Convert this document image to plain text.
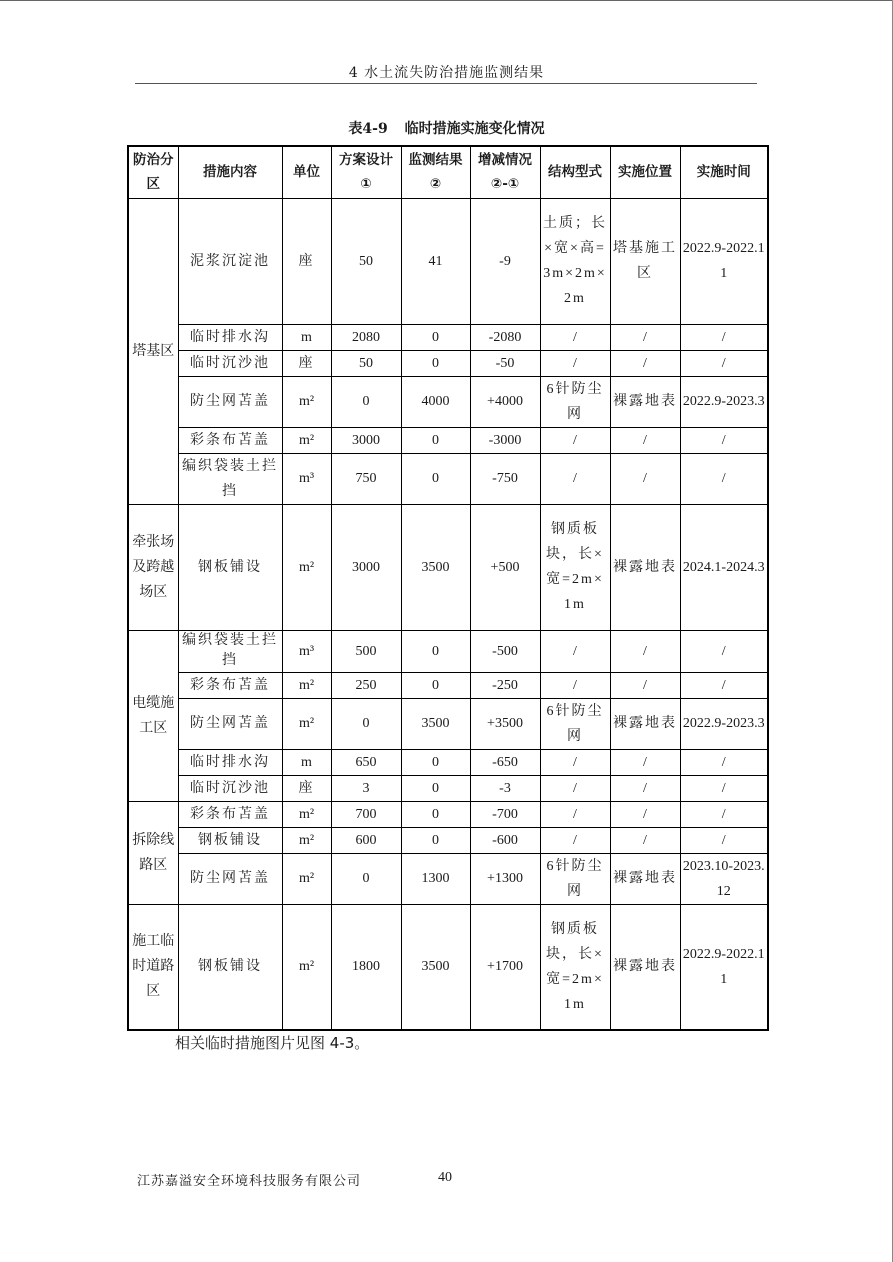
4 水土流失防治措施监测结果
表4-9 临时措施实施变化情况
防治分区	措施内容	单位	方案设计①	监测结果②	增减情况②-①	结构型式	实施位置	实施时间
塔基区	泥浆沉淀池	座	50	41	-9	土质；长×宽×高=3m×2m×2m	塔基施工区	2022.9-2022.11
	临时排水沟	m	2080	0	-2080	/	/	/
	临时沉沙池	座	50	0	-50	/	/	/
	防尘网苫盖	m²	0	4000	+4000	6针防尘网	裸露地表	2022.9-2023.3
	彩条布苫盖	m²	3000	0	-3000	/	/	/
	编织袋装土拦挡	m³	750	0	-750	/	/	/
牵张场及跨越场区	钢板铺设	m²	3000	3500	+500	钢质板块，长×宽=2m×1m	裸露地表	2024.1-2024.3
电缆施工区	编织袋装土拦挡	m³	500	0	-500	/	/	/
	彩条布苫盖	m²	250	0	-250	/	/	/
	防尘网苫盖	m²	0	3500	+3500	6针防尘网	裸露地表	2022.9-2023.3
	临时排水沟	m	650	0	-650	/	/	/
	临时沉沙池	座	3	0	-3	/	/	/
拆除线路区	彩条布苫盖	m²	700	0	-700	/	/	/
	钢板铺设	m²	600	0	-600	/	/	/
	防尘网苫盖	m²	0	1300	+1300	6针防尘网	裸露地表	2023.10-2023.12
施工临时道路区	钢板铺设	m²	1800	3500	+1700	钢质板块，长×宽=2m×1m	裸露地表	2022.9-2022.11
相关临时措施图片见图 4-3。
江苏嘉溢安全环境科技服务有限公司	40
